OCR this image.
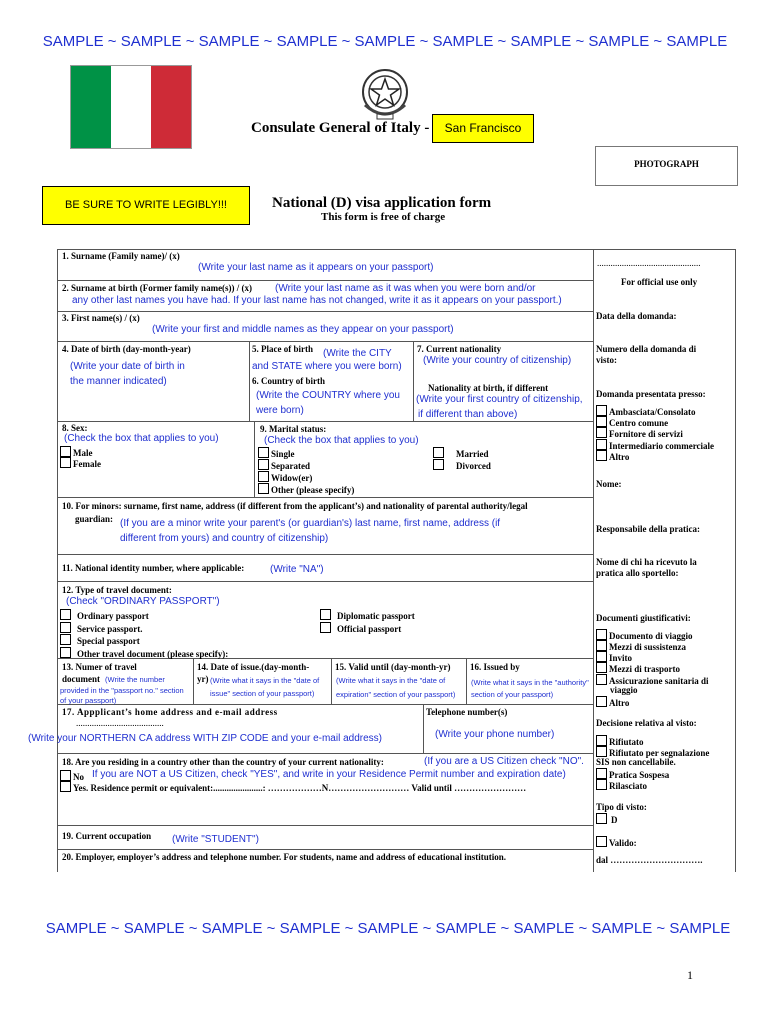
SAMPLE ~ SAMPLE ~ SAMPLE ~ SAMPLE ~ SAMPLE ~ SAMPLE ~ SAMPLE ~ SAMPLE ~ SAMPLE
Consulate General of Italy -	San Francisco
PHOTOGRAPH
BE SURE TO WRITE LEGIBLY!!!	National (D) visa application form
This form is free of charge
1. Surname (Family name)/ (x)
(Write your last name as it appears on your passport)
2. Surname at birth (Former family name(s)) / (x) (Write your last name as it was when you were born and/or
any other last names you have had. If your last name has not changed, write it as it appears on your passport.)
3. First name(s) / (x)
(Write your first and middle names as they appear on your passport)
4. Date of birth (day-month-year)
(Write your date of birth in
the manner indicated)
5. Place of birth (Write the CITY
and STATE where you were born)
6. Country of birth
(Write the COUNTRY where you
were born)
7. Current nationality
(Write your country of citizenship)
Nationality at birth, if different
(Write your first country of citizenship,
if different than above)
8. Sex:
(Check the box that applies to you)
Male
Female
9. Marital status:
(Check the box that applies to you)
Single	Married
Separated	Divorced
Widow(er)
Other (please specify)
10. For minors: surname, first name, address (if different from the applicant’s) and nationality of parental authority/legal
guardian: (If you are a minor write your parent's (or guardian's) last name, first name, address (if
different from yours) and country of citizenship)
11. National identity number, where applicable:	(Write "NA")
12. Type of travel document:
(Check "ORDINARY PASSPORT")
Ordinary passport
Service passport.
Special passport
Other travel document (please specify):
Diplomatic passport
Official passport
13. Numer of travel
document (Write the number
provided in the "passport no." section
of your passport)
14. Date of issue.(day-month-
yr) (Write what it says in the "date of
issue" section of your passport)
15. Valid until (day-month-yr)
(Write what it says in the "date of
expiration" section of your passport)
16. Issued by
(Write what it says in the "authority"
section of your passport)
17. Appplicant’s home address and e-mail address
.......................................
(Write your NORTHERN CA address WITH ZIP CODE and your e-mail address)
Telephone number(s)
(Write your phone number)
18. Are you residing in a country other than the country of your current nationality:	(If you are a US Citizen check "NO".
No If you are NOT a US Citizen, check "YES", and write in your Residence Permit number and expiration date)
Yes. Residence permit or equivalent:......................: ………………N……………………… Valid until ……………………
19. Current occupation (Write "STUDENT")
20. Employer, employer’s address and telephone number. For students, name and address of educational institution.
..............................................
For official use only
Data della domanda:
Numero della domanda di
visto:
Domanda presentata presso:
Ambasciata/Consolato
Centro comune
Fornitore di servizi
Intermediario commerciale
Altro
Nome:
Responsabile della pratica:
Nome di chi ha ricevuto la
pratica allo sportello:
Documenti giustificativi:
Documento di viaggio
Mezzi di sussistenza
Invito
Mezzi di trasporto
Assicurazione sanitaria di
viaggio
Altro
Decisione relativa al visto:
Rifiutato
Rifiutato per segnalazione
SIS non cancellabile.
Pratica Sospesa
Rilasciato
Tipo di visto:
D
Valido:
dal ………………………….
SAMPLE ~ SAMPLE ~ SAMPLE ~ SAMPLE ~ SAMPLE ~ SAMPLE ~ SAMPLE ~ SAMPLE ~ SAMPLE
1
